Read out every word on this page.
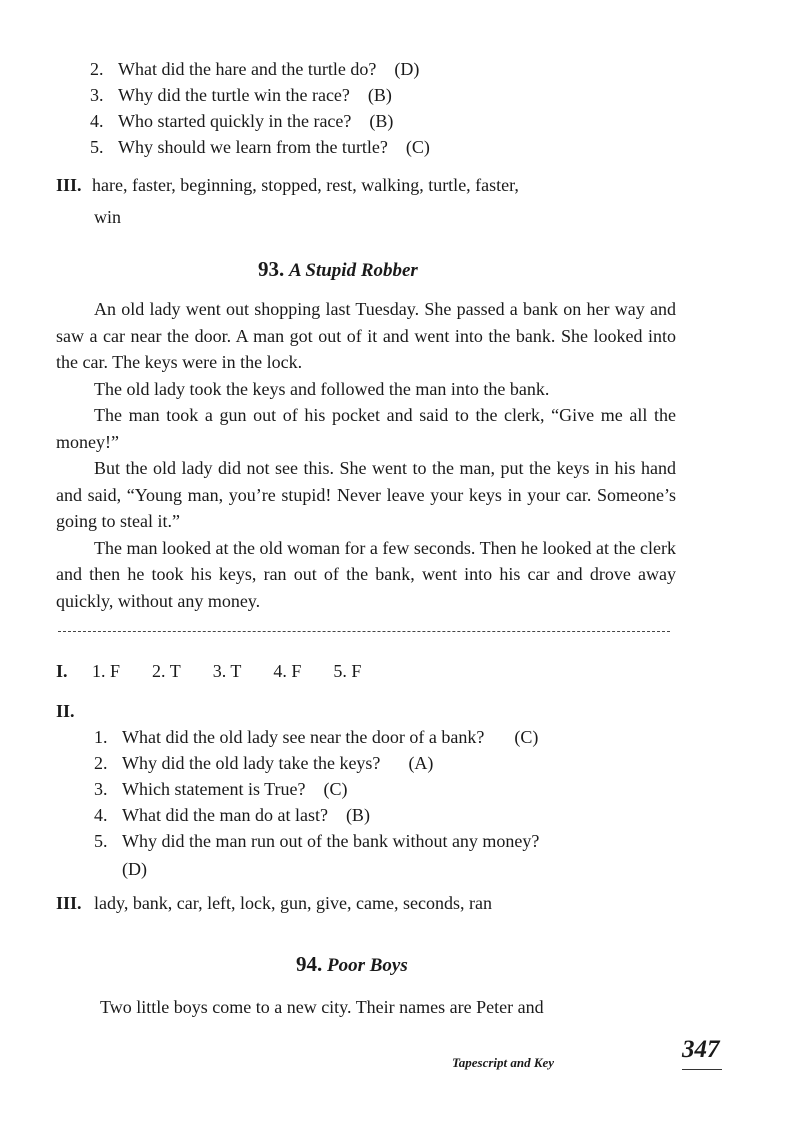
2. What did the hare and the turtle do? (D)
3. Why did the turtle win the race? (B)
4. Who started quickly in the race? (B)
5. Why should we learn from the turtle? (C)
III. hare, faster, beginning, stopped, rest, walking, turtle, faster,
win
93. A Stupid Robber

An old lady went out shopping last Tuesday. She passed a bank on her way and saw a car near the door. A man got out of it and went into the bank. She looked into the car. The keys were in the lock.

The old lady took the keys and followed the man into the bank.

The man took a gun out of his pocket and said to the clerk, “Give me all the money!”

But the old lady did not see this. She went to the man, put the keys in his hand and said, “Young man, you’re stupid! Never leave your keys in your car. Someone’s going to steal it.”

The man looked at the old woman for a few seconds. Then he looked at the clerk and then he took his keys, ran out of the bank, went into his car and drove away quickly, without any money.

I. 1. F 2. T 3. T 4. F 5. F
II.
1. What did the old lady see near the door of a bank? (C)
2. Why did the old lady take the keys? (A)
3. Which statement is True? (C)
4. What did the man do at last? (B)
5. Why did the man run out of the bank without any money?
(D)
III. lady, bank, car, left, lock, gun, give, came, seconds, ran
94. Poor Boys
Two little boys come to a new city. Their names are Peter and
Tapescript and Key	347
